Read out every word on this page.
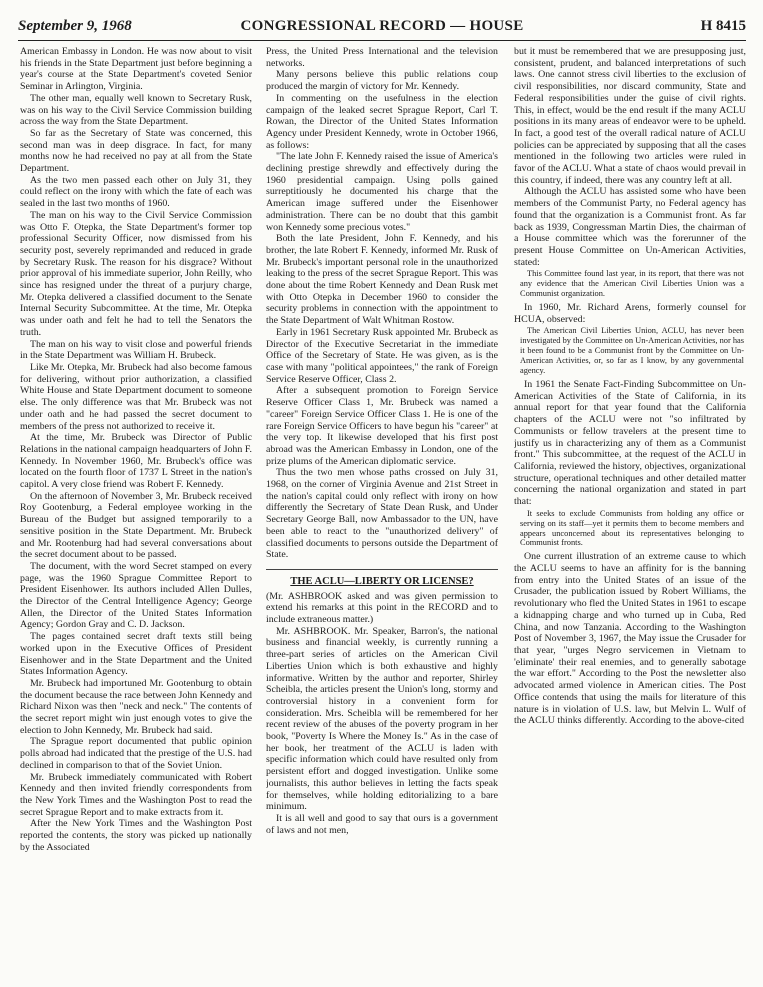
September 9, 1968	CONGRESSIONAL RECORD — HOUSE	H 8415

American Embassy in London. He was now about to visit his friends in the State Department just before beginning a year's course at the State Department's coveted Senior Seminar in Arlington, Virginia.

The other man, equally well known to Secretary Rusk, was on his way to the Civil Service Commission building across the way from the State Department.

So far as the Secretary of State was concerned, this second man was in deep disgrace. In fact, for many months now he had received no pay at all from the State Department.

As the two men passed each other on July 31, they could reflect on the irony with which the fate of each was sealed in the last two months of 1960.

The man on his way to the Civil Service Commission was Otto F. Otepka, the State Department's former top professional Security Officer, now dismissed from his security post, severely reprimanded and reduced in grade by Secretary Rusk. The reason for his disgrace? Without prior approval of his immediate superior, John Reilly, who since has resigned under the threat of a purjury charge, Mr. Otepka delivered a classified document to the Senate Internal Security Subcommittee. At the time, Mr. Otepka was under oath and felt he had to tell the Senators the truth.

The man on his way to visit close and powerful friends in the State Department was William H. Brubeck.

Like Mr. Otepka, Mr. Brubeck had also become famous for delivering, without prior authorization, a classified White House and State Department document to someone else. The only difference was that Mr. Brubeck was not under oath and he had passed the secret document to members of the press not authorized to receive it.

At the time, Mr. Brubeck was Director of Public Relations in the national campaign headquarters of John F. Kennedy. In November 1960, Mr. Brubeck's office was located on the fourth floor of 1737 L Street in the nation's capitol. A very close friend was Robert F. Kennedy.

On the afternoon of November 3, Mr. Brubeck received Roy Gootenburg, a Federal employee working in the Bureau of the Budget but assigned temporarily to a sensitive position in the State Department. Mr. Brubeck and Mr. Rootenburg had had several conversations about the secret document about to be passed.

The document, with the word Secret stamped on every page, was the 1960 Sprague Committee Report to President Eisenhower. Its authors included Allen Dulles, the Director of the Central Intelligence Agency; George Allen, the Director of the United States Information Agency; Gordon Gray and C. D. Jackson.

The pages contained secret draft texts still being worked upon in the Executive Offices of President Eisenhower and in the State Department and the United States Information Agency.

Mr. Brubeck had importuned Mr. Gootenburg to obtain the document because the race between John Kennedy and Richard Nixon was then "neck and neck." The contents of the secret report might win just enough votes to give the election to John Kennedy, Mr. Brubeck had said.

The Sprague report documented that public opinion polls abroad had indicated that the prestige of the U.S. had declined in comparison to that of the Soviet Union.

Mr. Brubeck immediately communicated with Robert Kennedy and then invited friendly correspondents from the New York Times and the Washington Post to read the secret Sprague Report and to make extracts from it.

After the New York Times and the Washington Post reported the contents, the story was picked up nationally by the Associated

Press, the United Press International and the television networks.

Many persons believe this public relations coup produced the margin of victory for Mr. Kennedy.

In commenting on the usefulness in the election campaign of the leaked secret Sprague Report, Carl T. Rowan, the Director of the United States Information Agency under President Kennedy, wrote in October 1966, as follows:

"The late John F. Kennedy raised the issue of America's declining prestige shrewdly and effectively during the 1960 presidential campaign. Using polls gained surreptitiously he documented his charge that the American image suffered under the Eisenhower administration. There can be no doubt that this gambit won Kennedy some precious votes."

Both the late President, John F. Kennedy, and his brother, the late Robert F. Kennedy, informed Mr. Rusk of Mr. Brubeck's important personal role in the unauthorized leaking to the press of the secret Sprague Report. This was done about the time Robert Kennedy and Dean Rusk met with Otto Otepka in December 1960 to consider the security problems in connection with the appointment to the State Department of Walt Whitman Rostow.

Early in 1961 Secretary Rusk appointed Mr. Brubeck as Director of the Executive Secretariat in the immediate Office of the Secretary of State. He was given, as is the case with many "political appointees," the rank of Foreign Service Reserve Officer, Class 2.

After a subsequent promotion to Foreign Service Reserve Officer Class 1, Mr. Brubeck was named a "career" Foreign Service Officer Class 1. He is one of the rare Foreign Service Officers to have begun his "career" at the very top. It likewise developed that his first post abroad was the American Embassy in London, one of the prize plums of the American diplomatic service.

Thus the two men whose paths crossed on July 31, 1968, on the corner of Virginia Avenue and 21st Street in the nation's capital could only reflect with irony on how differently the Secretary of State Dean Rusk, and Under Secretary George Ball, now Ambassador to the UN, have been able to react to the "unauthorized delivery" of classified documents to persons outside the Department of State.

THE ACLU—LIBERTY OR LICENSE?

(Mr. ASHBROOK asked and was given permission to extend his remarks at this point in the RECORD and to include extraneous matter.)

Mr. ASHBROOK. Mr. Speaker, Barron's, the national business and financial weekly, is currently running a three-part series of articles on the American Civil Liberties Union which is both exhaustive and highly informative. Written by the author and reporter, Shirley Scheibla, the articles present the Union's long, stormy and controversial history in a convenient form for consideration. Mrs. Scheibla will be remembered for her recent review of the abuses of the poverty program in her book, "Poverty Is Where the Money Is." As in the case of her book, her treatment of the ACLU is laden with specific information which could have resulted only from persistent effort and dogged investigation. Unlike some journalists, this author believes in letting the facts speak for themselves, while holding editorializing to a bare minimum.

It is all well and good to say that ours is a government of laws and not men,

but it must be remembered that we are presupposing just, consistent, prudent, and balanced interpretations of such laws. One cannot stress civil liberties to the exclusion of civil responsibilities, nor discard community, State and Federal responsibilities under the guise of civil rights. This, in effect, would be the end result if the many ACLU positions in its many areas of endeavor were to be upheld. In fact, a good test of the overall radical nature of ACLU policies can be appreciated by supposing that all the cases mentioned in the following two articles were ruled in favor of the ACLU. What a state of chaos would prevail in this country, if indeed, there was any country left at all.

Although the ACLU has assisted some who have been members of the Communist Party, no Federal agency has found that the organization is a Communist front. As far back as 1939, Congressman Martin Dies, the chairman of a House committee which was the forerunner of the present House Committee on Un-American Activities, stated:

This Committee found last year, in its report, that there was not any evidence that the American Civil Liberties Union was a Communist organization.

In 1960, Mr. Richard Arens, formerly counsel for HCUA, observed:

The American Civil Liberties Union, ACLU, has never been investigated by the Committee on Un-American Activities, nor has it been found to be a Communist front by the Committee on Un-American Activities, or, so far as I know, by any governmental agency.

In 1961 the Senate Fact-Finding Subcommittee on Un-American Activities of the State of California, in its annual report for that year found that the California chapters of the ACLU were not "so infiltrated by Communists or fellow travelers at the present time to justify us in characterizing any of them as a Communist front." This subcommittee, at the request of the ACLU in California, reviewed the history, objectives, organizational structure, operational techniques and other detailed matter concerning the national organization and stated in part that:

It seeks to exclude Communists from holding any office or serving on its staff—yet it permits them to become members and appears unconcerned about its representatives belonging to Communist fronts.

One current illustration of an extreme cause to which the ACLU seems to have an affinity for is the banning from entry into the United States of an issue of the Crusader, the publication issued by Robert Williams, the revolutionary who fled the United States in 1961 to escape a kidnapping charge and who turned up in Cuba, Red China, and now Tanzania. According to the Washington Post of November 3, 1967, the May issue the Crusader for that year, "urges Negro servicemen in Vietnam to 'eliminate' their real enemies, and to generally sabotage the war effort." According to the Post the newsletter also advocated armed violence in American cities. The Post Office contends that using the mails for literature of this nature is in violation of U.S. law, but Melvin L. Wulf of the ACLU thinks differently. According to the above-cited
